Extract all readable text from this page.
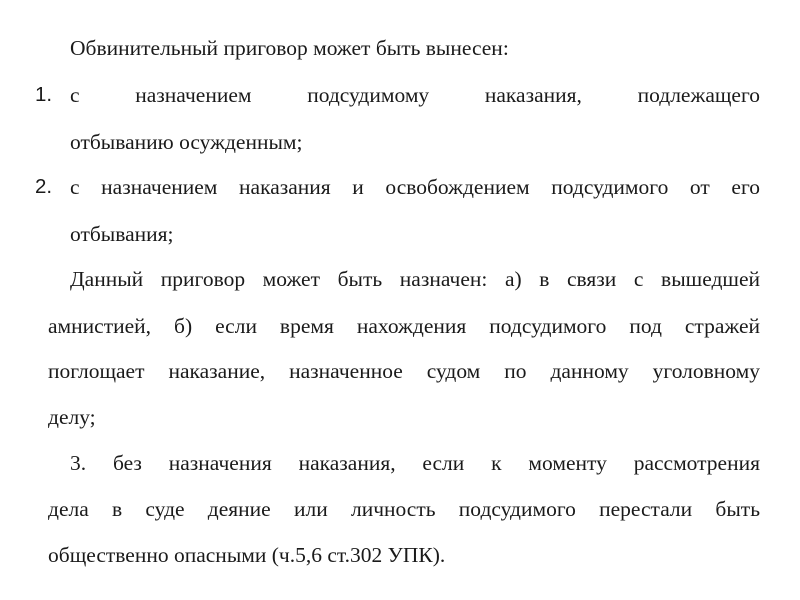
Обвинительный приговор может быть вынесен:
1. с назначением подсудимому наказания, подлежащего
отбыванию осужденным;
2. с назначением наказания и освобождением подсудимого от его
отбывания;
Данный приговор может быть назначен: а) в связи с вышедшей
амнистией, б) если время нахождения подсудимого под стражей
поглощает наказание, назначенное судом по данному уголовному
делу;
3. без назначения наказания, если к моменту рассмотрения
дела в суде деяние или личность подсудимого перестали быть
общественно опасными (ч.5,6 ст.302 УПК).
